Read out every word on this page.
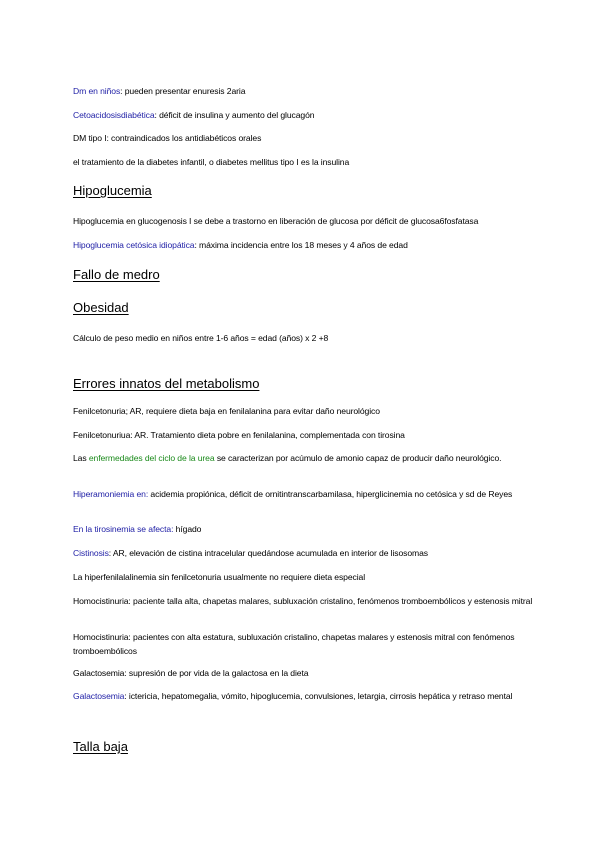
Dm en niños: pueden presentar enuresis 2aria
Cetoacidosisdiabética: déficit de insulina y aumento del glucagón
DM tipo I: contraindicados los antidiabéticos orales
el tratamiento de la diabetes infantil, o diabetes mellitus tipo I es la insulina
Hipoglucemia
Hipoglucemia en glucogenosis I se debe a trastorno en liberación de glucosa por déficit de glucosa6fosfatasa
Hipoglucemia cetósica idiopática: máxima incidencia entre los 18 meses y 4 años de edad
Fallo de medro
Obesidad
Cálculo de peso medio en niños entre 1-6 años = edad (años) x 2 +8
Errores innatos del metabolismo
Fenilcetonuria; AR, requiere dieta baja en fenilalanina para evitar daño neurológico
Fenilcetonuriua: AR. Tratamiento dieta pobre en fenilalanina, complementada con tirosina
Las enfermedades del ciclo de la urea se caracterizan por acúmulo de amonio capaz de producir daño neurológico.
Hiperamoniemia en: acidemia propiónica, déficit de ornitintranscarbamilasa, hiperglicinemia no cetósica y sd de Reyes
En la tirosinemia se afecta: hígado
Cistinosis: AR, elevación de cistina intracelular quedándose acumulada en interior de lisosomas
La hiperfenilalalinemia sin fenilcetonuria usualmente no requiere dieta especial
Homocistinuria: paciente talla alta, chapetas malares, subluxación cristalino, fenómenos tromboembólicos y estenosis mitral
Homocistinuria: pacientes con alta estatura, subluxación cristalino, chapetas malares y estenosis mitral con fenómenos tromboembólicos
Galactosemia: supresión de por vida de la galactosa en la dieta
Galactosemia: ictericia, hepatomegalia, vómito, hipoglucemia, convulsiones, letargia, cirrosis hepática y retraso mental
Talla baja
